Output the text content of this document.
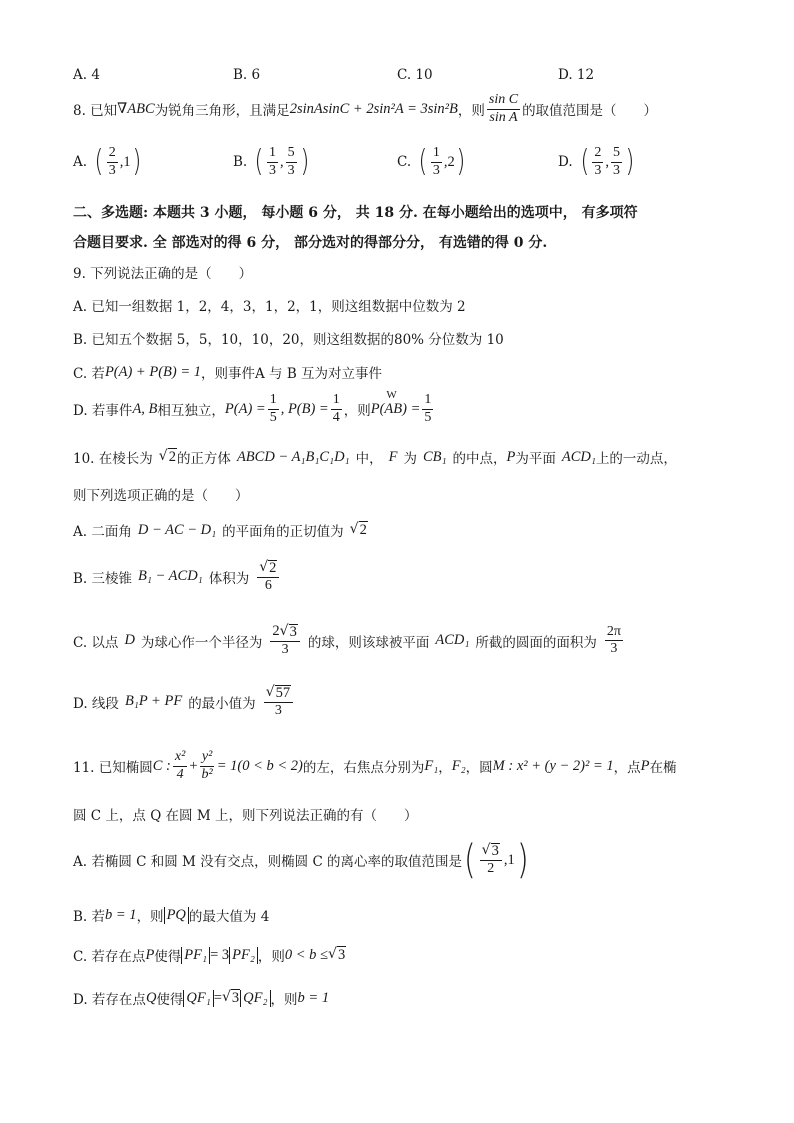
A. 4	B. 6	C. 10	D. 12
8. 已知 ∇ABC 为锐角三角形，且满足 2sinAsinC + 2sin²A = 3sin²B ，则 $\frac{\text{sin C}}{\text{sin A}}$ 的取值范围是（　　）
A. ( $\frac{2}{3}$ , 1 )	B. ( $\frac{1}{3}$ , $\frac{5}{3}$ )	C. ( $\frac{1}{3}$ , 2 )	D. ( $\frac{2}{3}$ , $\frac{5}{3}$ )
二、多选题: 本题共 3 小题， 每小题 6 分， 共 18 分. 在每小题给出的选项中， 有多项符
合题目要求. 全 部选对的得 6 分， 部分选对的得部分分， 有选错的得 0 分.
9. 下列说法正确的是（　　）
A. 已知一组数据 1，2，4，3，1，2，1，则这组数据中位数为 2
B. 已知五个数据 5，5，10，10，20，则这组数据的80% 分位数为 10
C. 若 P(A) + P(B) = 1 ，则事件A 与 B 互为对立事件
D. 若事件 A, B 相互独立， $P(A) = \frac{1}{5}$ , $P(B) = \frac{1}{4}$ ，则 P(
W
AB ) = $\frac{1}{5}$
10. 在棱长为 √ 2 的正方体 ABCD − A₁B₁C₁D₁ 中， F 为 CB₁ 的中点， P 为平面 ACD₁ 上的一动点，
则下列选项正确的是（　　）
A. 二面角 D − AC − D₁ 的平面角的正切值为 √ 2
B. 三棱锥 B₁ − ACD₁ 体积为 $\frac{√ 2}{6}$
C. 以点 D 为球心作一个半径为 $\frac{2 √ 3}{3}$ 的球，则该球被平面 ACD₁ 所截的圆面的面积为 $\frac{2\pi}{3}$
D. 线段 B₁P + PF 的最小值为 $\frac{√ 57}{3}$
11. 已知椭圆 C : $\frac{\text{x²}}{4} + \frac{\text{y²}}{\text{b²}} = 1(0 < b < 2)$ 的左，右焦点分别为 F₁ ， F₂ ，圆 M : x² + (y − 2)² = 1 ，点 P 在椭
圆 C 上，点 Q 在圆 M 上，则下列说法正确的有（　　）
A. 若椭圆 C 和圆 M 没有交点，则椭圆 C 的离心率的取值范围是 ( $\frac{√ 3}{2}$ , 1 )
B. 若 b = 1 ，则 PQ 的最大值为 4
C. 若存在点 P 使得 PF₁ = 3 PF₂ ，则 0 < b ≤ √ 3
D. 若存在点 Q 使得 QF₁ = √ 3 QF₂ ，则 b = 1
